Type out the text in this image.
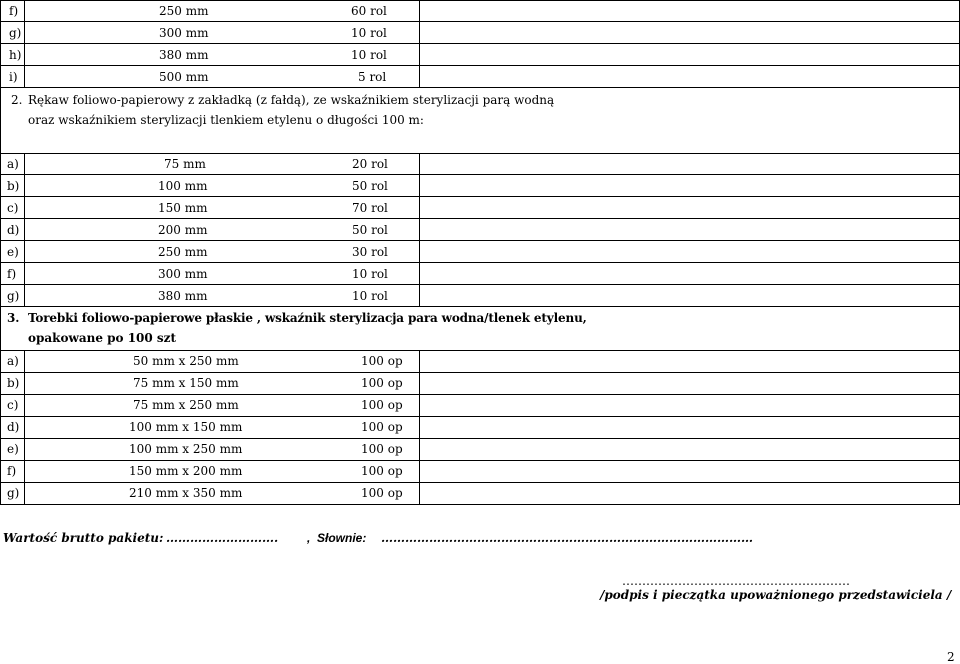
f)	250 mm	60 rol
g)	300 mm	10 rol
h)	380 mm	10 rol
i)	500 mm	5 rol
2. Rękaw foliowo-papierowy z zakładką (z fałdą), ze wskaźnikiem sterylizacji parą wodną
oraz wskaźnikiem sterylizacji tlenkiem etylenu o długości 100 m:
a)	75 mm	20 rol
b)	100 mm	50 rol
c)	150 mm	70 rol
d)	200 mm	50 rol
e)	250 mm	30 rol
f)	300 mm	10 rol
g)	380 mm	10 rol
3. Torebki foliowo-papierowe płaskie , wskaźnik sterylizacja para wodna/tlenek etylenu,
opakowane po 100 szt
a)	50 mm x 250 mm	100 op
b)	75 mm x 150 mm	100 op
c)	75 mm x 250 mm	100 op
d)	100 mm x 150 mm	100 op
e)	100 mm x 250 mm	100 op
f)	150 mm x 200 mm	100 op
g)	210 mm x 350 mm	100 op
Wartość brutto pakietu: ………………………. , Słownie: …………………………………………………………………………………
…………………………………………………
/podpis i pieczątka upoważnionego przedstawiciela /
2
